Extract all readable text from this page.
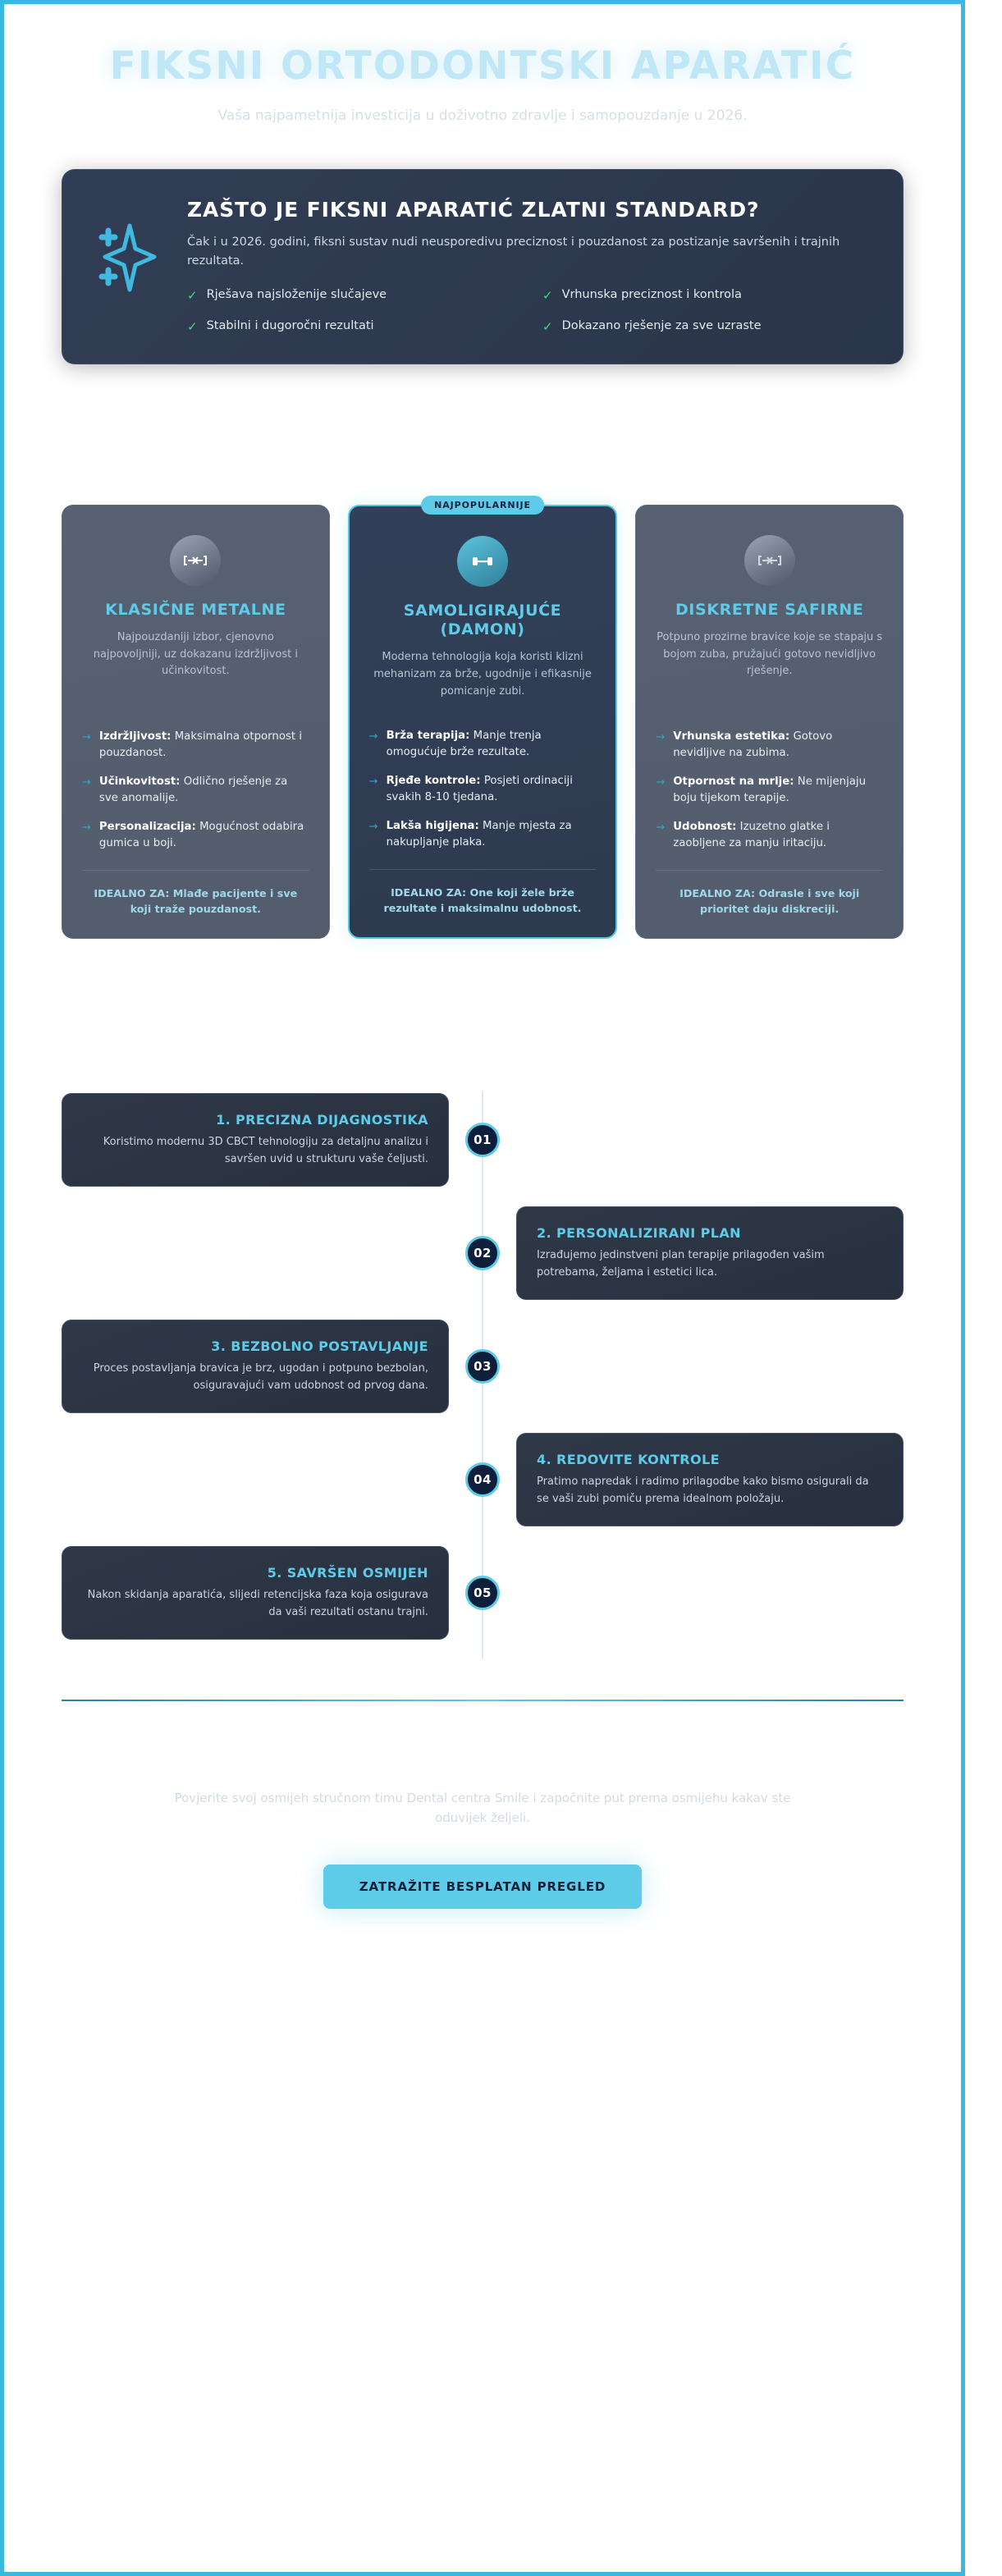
FIKSNI ORTODONTSKI APARATIĆ

Vaša najpametnija investicija u doživotno zdravlje i samopouzdanje u 2026.

ZAŠTO JE FIKSNI APARATIĆ ZLATNI STANDARD?
Čak i u 2026. godini, fiksni sustav nudi neusporedivu preciznost i pouzdanost za postizanje savršenih i trajnih rezultata.
✓ Rješava najsloženije slučajeve	✓ Vrhunska preciznost i kontrola
✓ Stabilni i dugoročni rezultati	✓ Dokazano rješenje za sve uzraste
USPOREDBA VRSTA BRAVICA: PRONAĐITE SVOJE IDEALNO RJEŠENJE
KLASIČNE METALNE
Najpouzdaniji izbor, cjenovno najpovoljniji, uz dokazanu izdržljivost i učinkovitost.
→ Izdržljivost: Maksimalna otpornost i pouzdanost.
→ Učinkovitost: Odlično rješenje za sve anomalije.
→ Personalizacija: Mogućnost odabira gumica u boji.
IDEALNO ZA: Mlađe pacijente i sve koji traže pouzdanost.
NAJPOPULARNIJE
SAMOLIGIRAJUĆE (DAMON)
Moderna tehnologija koja koristi klizni mehanizam za brže, ugodnije i efikasnije pomicanje zubi.
→ Brža terapija: Manje trenja omogućuje brže rezultate.
→ Rjeđe kontrole: Posjeti ordinaciji svakih 8-10 tjedana.
→ Lakša higijena: Manje mjesta za nakupljanje plaka.
IDEALNO ZA: One koji žele brže rezultate i maksimalnu udobnost.
DISKRETNE SAFIRNE
Potpuno prozirne bravice koje se stapaju s bojom zuba, pružajući gotovo nevidljivo rješenje.
→ Vrhunska estetika: Gotovo nevidljive na zubima.
→ Otpornost na mrlje: Ne mijenjaju boju tijekom terapije.
→ Udobnost: Izuzetno glatke i zaobljene za manju iritaciju.
IDEALNO ZA: Odrasle i sve koji prioritet daju diskreciji.
VAŠ PUT DO NOVOG OSMIJEHA: TERAPIJA U 5 KORAKA
1. PRECIZNA DIJAGNOSTIKA

Koristimo modernu 3D CBCT tehnologiju za detaljnu analizu i savršen uvid u strukturu vaše čeljusti.

01
2. PERSONALIZIRANI PLAN

Izrađujemo jedinstveni plan terapije prilagođen vašim potrebama, željama i estetici lica.

02
3. BEZBOLNO POSTAVLJANJE

Proces postavljanja bravica je brz, ugodan i potpuno bezbolan, osiguravajući vam udobnost od prvog dana.

03
4. REDOVITE KONTROLE

Pratimo napredak i radimo prilagodbe kako bismo osigurali da se vaši zubi pomiču prema idealnom položaju.

04
5. SAVRŠEN OSMIJEH

Nakon skidanja aparatića, slijedi retencijska faza koja osigurava da vaši rezultati ostanu trajni.

05
SPREMNI ZA TRANSFORMACIJU?

Povjerite svoj osmijeh stručnom timu Dental centra Smile i započnite put prema osmijehu kakav ste oduvijek željeli.

ZATRAŽITE BESPLATAN PREGLED
https://www.smile-bjelovar.hr
